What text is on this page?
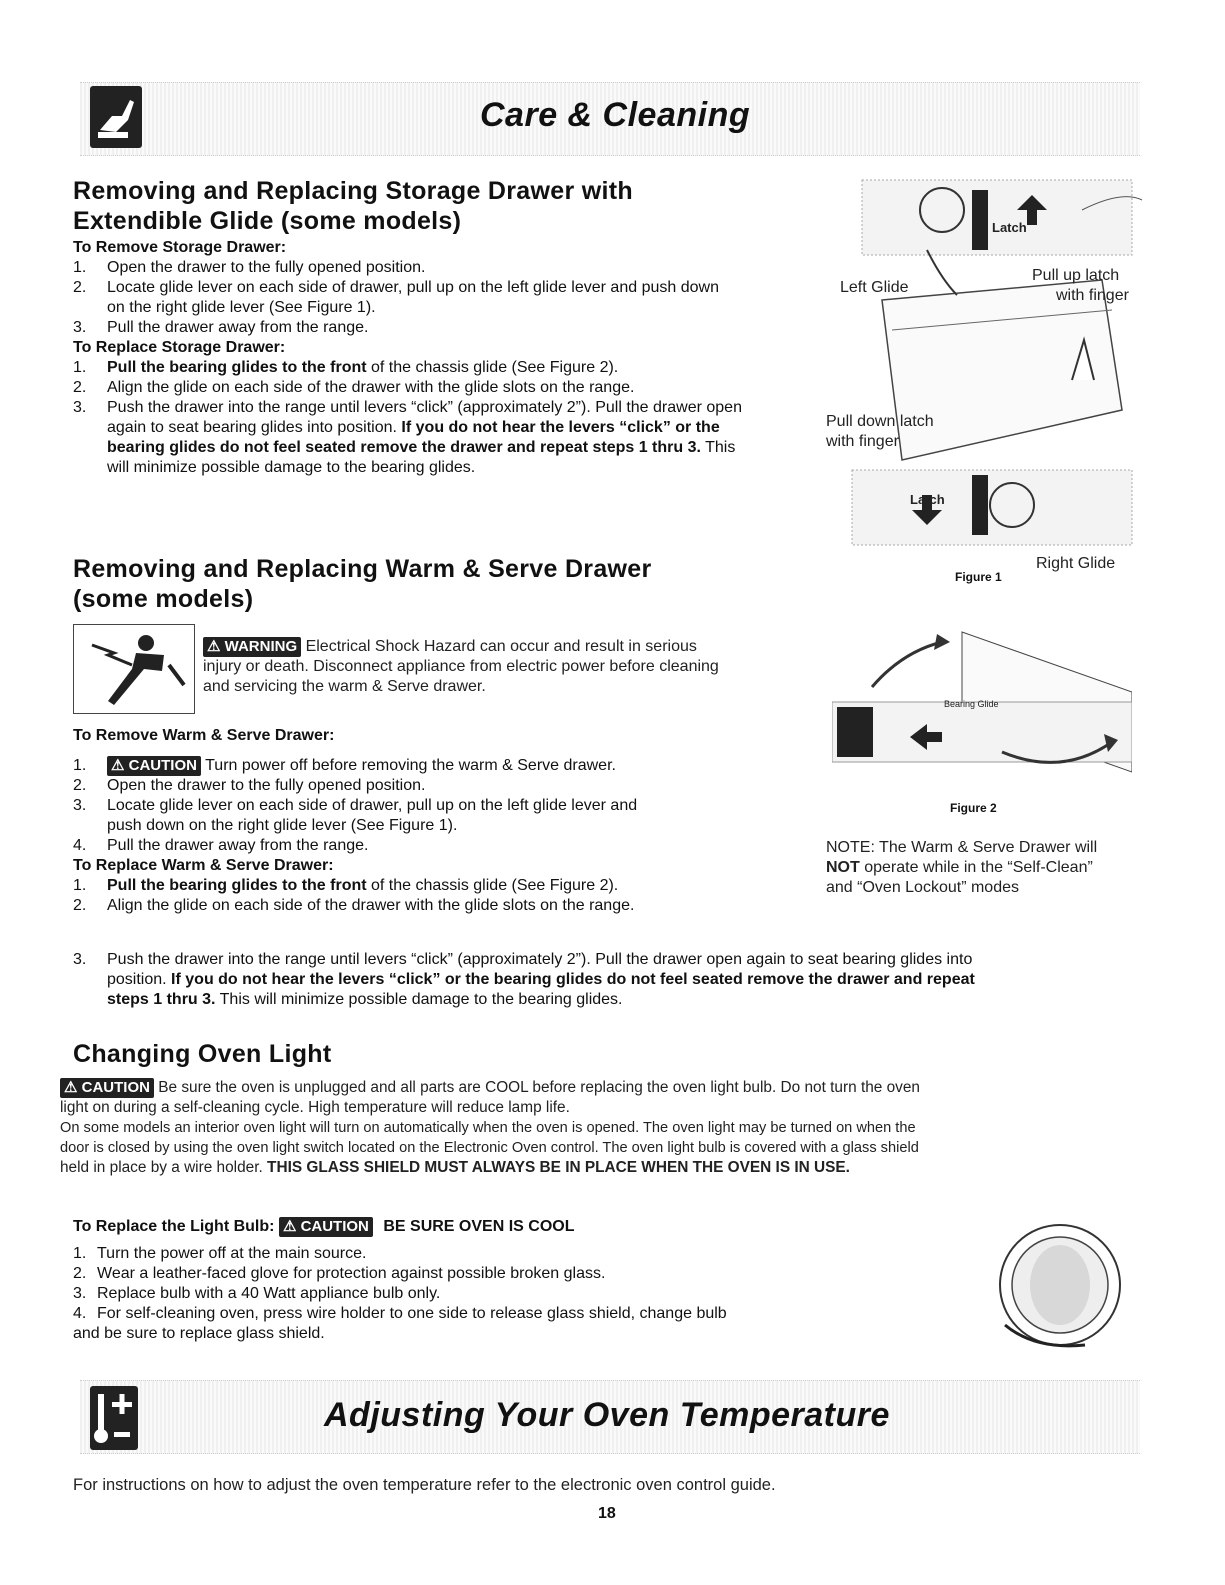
Care & Cleaning
Removing and Replacing Storage Drawer with
Extendible Glide (some models)
To Remove Storage Drawer:
1. Open the drawer to the fully opened position.
2. Locate glide lever on each side of drawer, pull up on the left glide lever and push down
on the right glide lever (See Figure 1).
3. Pull the drawer away from the range.
To Replace Storage Drawer:
1. Pull the bearing glides to the front of the chassis glide (See Figure 2).
2. Align the glide on each side of the drawer with the glide slots on the range.
3. Push the drawer into the range until levers “click” (approximately 2”). Pull the drawer open
again to seat bearing glides into position. If you do not hear the levers “click” or the
bearing glides do not feel seated remove the drawer and repeat steps 1 thru 3. This
will minimize possible damage to the bearing glides.
Latch
Left Glide
Pull up latch
with finger
Pull down latch
with finger
Latch
Right Glide
Figure 1
Removing and Replacing Warm & Serve Drawer
(some models)
⚠ WARNING Electrical Shock Hazard can occur and result in serious
injury or death. Disconnect appliance from electric power before cleaning
and servicing the warm & Serve drawer.
To Remove Warm & Serve Drawer:
1. ⚠ CAUTION Turn power off before removing the warm & Serve drawer.
2. Open the drawer to the fully opened position.
3. Locate glide lever on each side of drawer, pull up on the left glide lever and
push down on the right glide lever (See Figure 1).
4. Pull the drawer away from the range.
To Replace Warm & Serve Drawer:
1. Pull the bearing glides to the front of the chassis glide (See Figure 2).
2. Align the glide on each side of the drawer with the glide slots on the range.
3. Push the drawer into the range until levers “click” (approximately 2”). Pull the drawer open again to seat bearing glides into
position. If you do not hear the levers “click” or the bearing glides do not feel seated remove the drawer and repeat
steps 1 thru 3. This will minimize possible damage to the bearing glides.
Bearing Glide
Figure 2
NOTE: The Warm & Serve Drawer will
NOT operate while in the “Self-Clean”
and “Oven Lockout” modes
Changing Oven Light
⚠ CAUTION Be sure the oven is unplugged and all parts are COOL before replacing the oven light bulb. Do not turn the oven
light on during a self-cleaning cycle. High temperature will reduce lamp life.
On some models an interior oven light will turn on automatically when the oven is opened. The oven light may be turned on when the
door is closed by using the oven light switch located on the Electronic Oven control. The oven light bulb is covered with a glass shield
held in place by a wire holder. THIS GLASS SHIELD MUST ALWAYS BE IN PLACE WHEN THE OVEN IS IN USE.
To Replace the Light Bulb: ⚠ CAUTION BE SURE OVEN IS COOL
1. Turn the power off at the main source.
2. Wear a leather-faced glove for protection against possible broken glass.
3. Replace bulb with a 40 Watt appliance bulb only.
4. For self-cleaning oven, press wire holder to one side to release glass shield, change bulb
and be sure to replace glass shield.
Adjusting Your Oven Temperature
For instructions on how to adjust the oven temperature refer to the electronic oven control guide.
18
